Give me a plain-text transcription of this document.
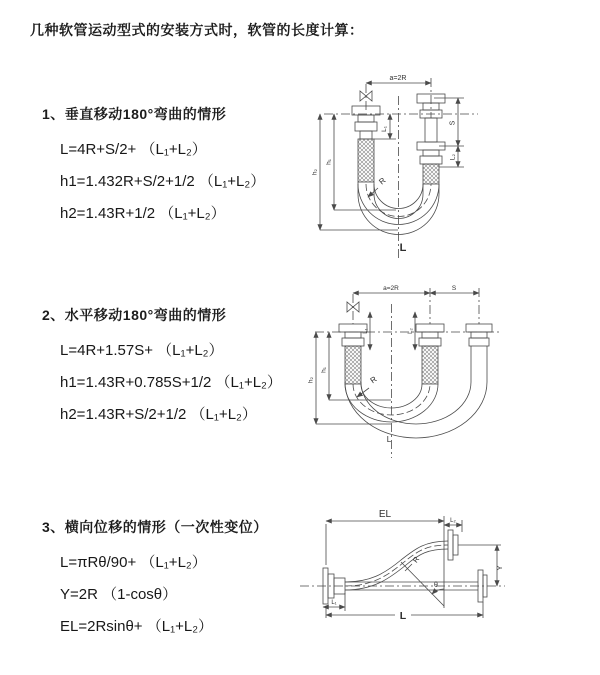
几种软管运动型式的安装方式时，软管的长度计算：
1、垂直移动180°弯曲的情形
L=4R+S/2+ （L₁+L₂）
h1=1.432R+S/2+1/2 （L₁+L₂）
h2=1.43R+1/2 （L₁+L₂）
2、水平移动180°弯曲的情形
L=4R+1.57S+ （L₁+L₂）
h1=1.43R+0.785S+1/2 （L₁+L₂）
h2=1.43R+S/2+1/2 （L₁+L₂）
3、横向位移的情形（一次性变位）
L=πRθ/90+ （L₁+L₂）
Y=2R （1-cosθ）
EL=2Rsinθ+ （L₁+L₂）
a=2R
L₁
S
L₂
h₁
h₂
R
L
a=2R	S
L₁	L₂
h₁
h₂	R
L
EL
L₂
R
Y
θ
L₁
L
